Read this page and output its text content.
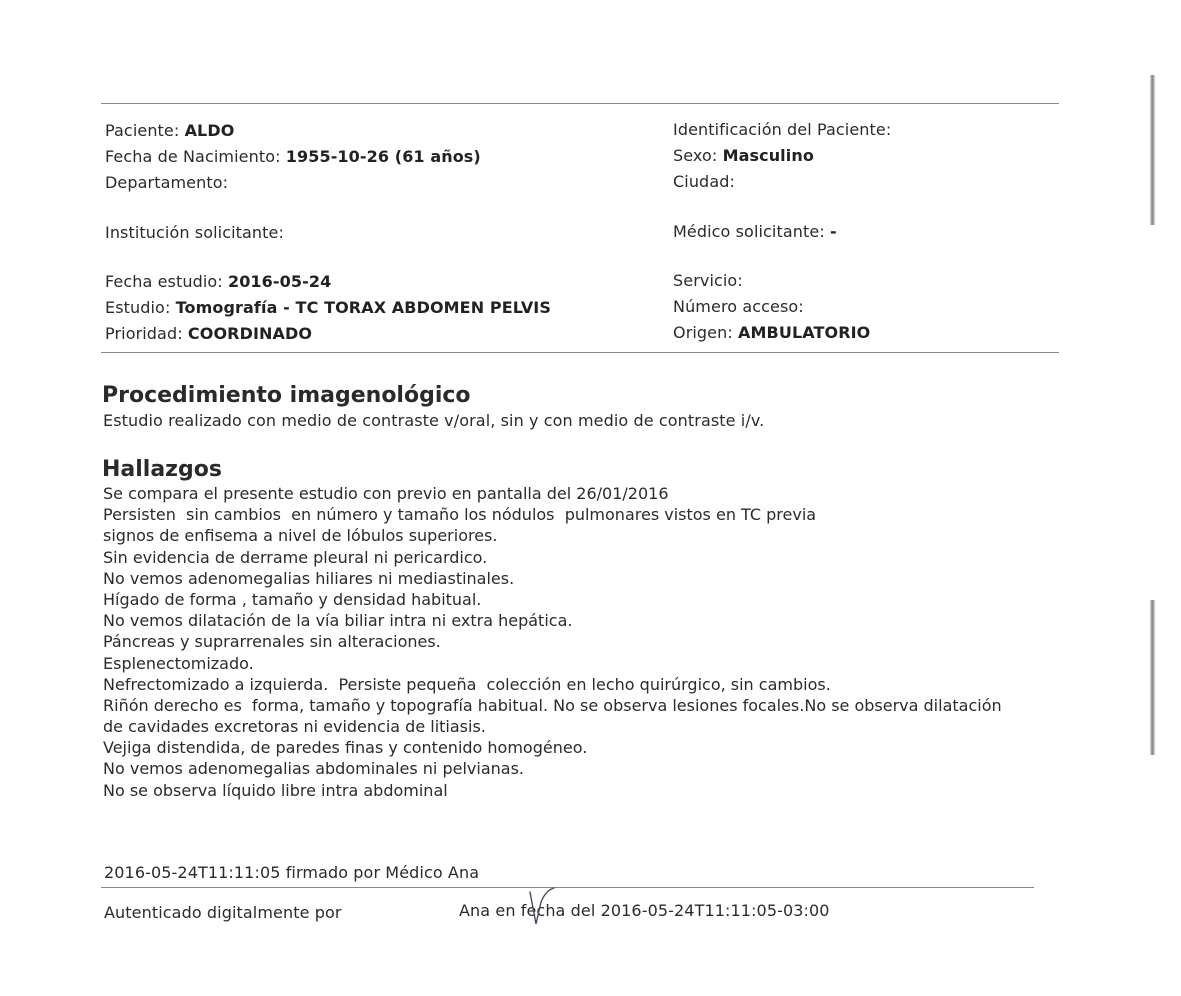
Paciente: ALDO
Fecha de Nacimiento: 1955-10-26 (61 años)
Departamento:
Institución solicitante:
Fecha estudio: 2016-05-24
Estudio: Tomografía - TC TORAX ABDOMEN PELVIS
Prioridad: COORDINADO
Identificación del Paciente:
Sexo: Masculino
Ciudad:
Médico solicitante: -
Servicio:
Número acceso:
Origen: AMBULATORIO
Procedimiento imagenológico
Estudio realizado con medio de contraste v/oral, sin y con medio de contraste i/v.
Hallazgos
Se compara el presente estudio con previo en pantalla del 26/01/2016
Persisten  sin cambios  en número y tamaño los nódulos  pulmonares vistos en TC previa
signos de enfisema a nivel de lóbulos superiores.
Sin evidencia de derrame pleural ni pericardico.
No vemos adenomegalias hiliares ni mediastinales.
Hígado de forma , tamaño y densidad habitual.
No vemos dilatación de la vía biliar intra ni extra hepática.
Páncreas y suprarrenales sin alteraciones.
Esplenectomizado.
Nefrectomizado a izquierda.  Persiste pequeña  colección en lecho quirúrgico, sin cambios.
Riñón derecho es  forma, tamaño y topografía habitual. No se observa lesiones focales.No se observa dilatación
de cavidades excretoras ni evidencia de litiasis.
Vejiga distendida, de paredes finas y contenido homogéneo.
No vemos adenomegalias abdominales ni pelvianas.
No se observa líquido libre intra abdominal
2016-05-24T11:11:05 firmado por Médico Ana
Autenticado digitalmente por	Ana en fecha del 2016-05-24T11:11:05-03:00
